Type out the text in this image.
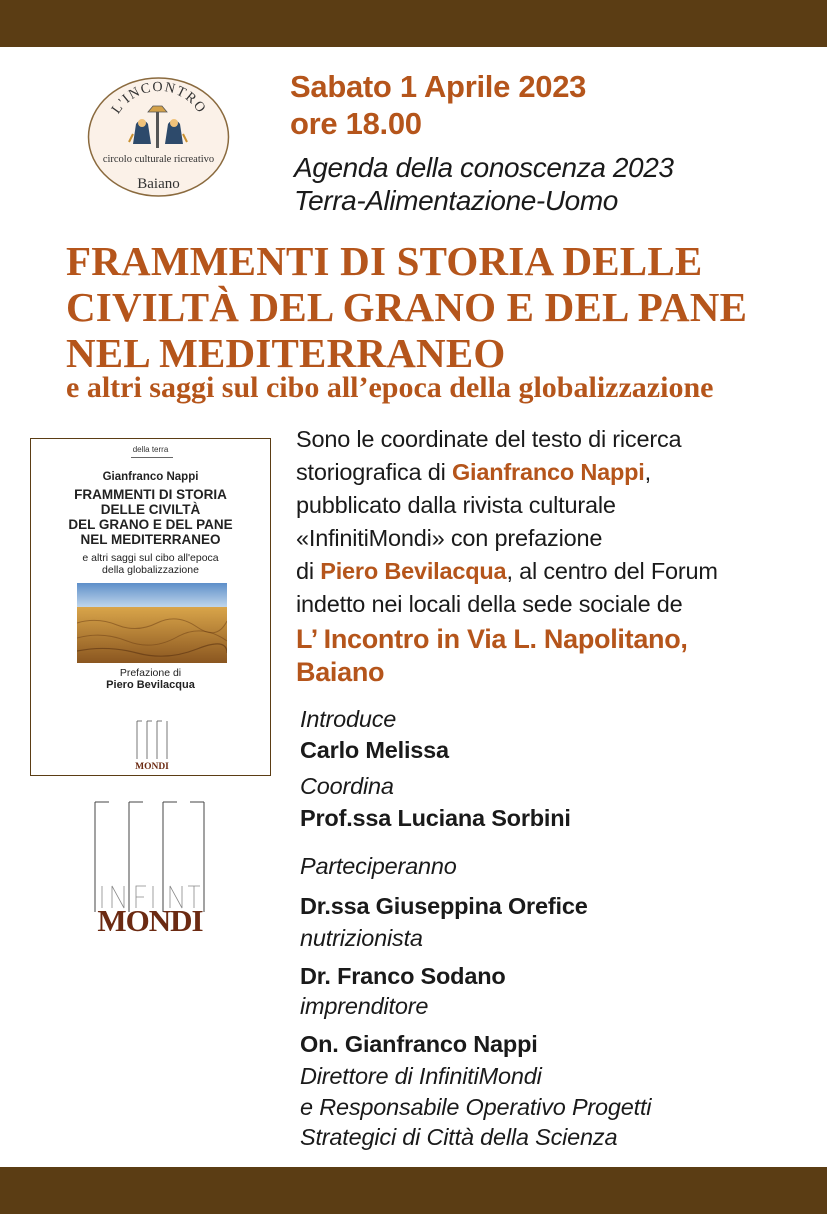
L'INCONTRO
circolo culturale ricreativo
Baiano
Sabato 1 Aprile 2023
ore 18.00
Agenda della conoscenza 2023
Terra-Alimentazione-Uomo
FRAMMENTI DI STORIA DELLE
CIVILTÀ DEL GRANO E DEL PANE
NEL MEDITERRANEO
e altri saggi sul cibo all’epoca della globalizzazione
della terra
Gianfranco Nappi
FRAMMENTI DI STORIA
DELLE CIVILTÀ
DEL GRANO E DEL PANE
NEL MEDITERRANEO
e altri saggi sul cibo all'epoca
della globalizzazione
Prefazione di
Piero Bevilacqua
MONDI
MONDI
Sono le coordinate del testo di ricerca
storiografica di Gianfranco Nappi,
pubblicato dalla rivista culturale
«InfinitiMondi» con prefazione
di Piero Bevilacqua, al centro del Forum
indetto nei locali della sede sociale de
L’ Incontro in Via L. Napolitano,
Baiano
Introduce
Carlo Melissa
Coordina
Prof.ssa Luciana Sorbini
Parteciperanno
Dr.ssa Giuseppina Orefice
nutrizionista
Dr. Franco Sodano
imprenditore
On. Gianfranco Nappi
Direttore di InfinitiMondi
e Responsabile Operativo Progetti
Strategici di Città della Scienza
